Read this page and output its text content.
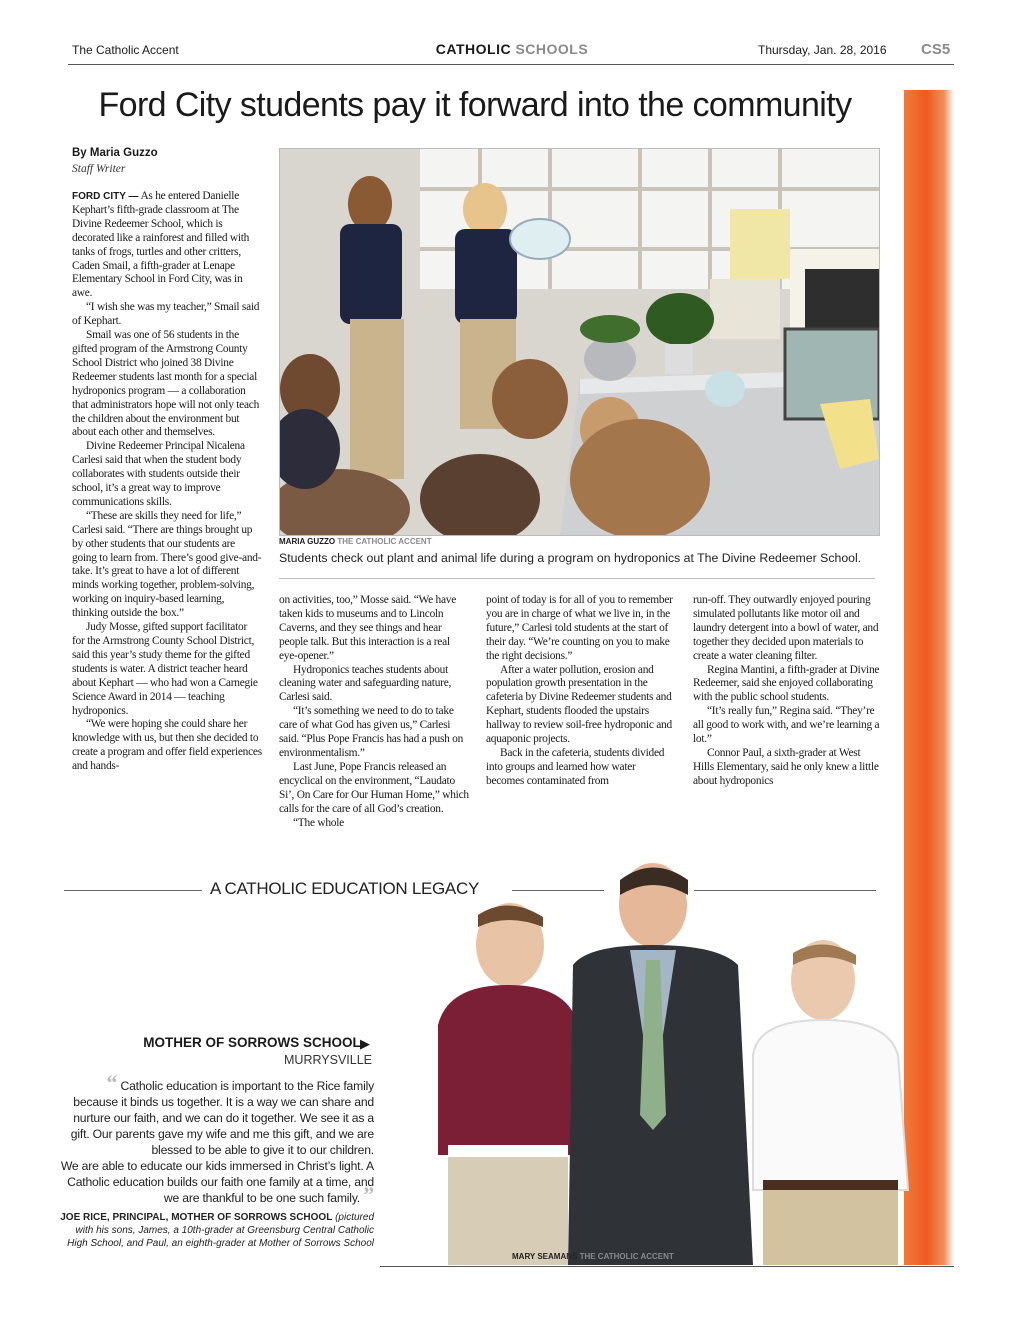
The Catholic Accent	CATHOLIC SCHOOLS	Thursday, Jan. 28, 2016 CS5
Ford City students pay it forward into the community
By Maria Guzzo
Staff Writer

FORD CITY — As he entered Danielle Kephart’s fifth-grade classroom at The Divine Redeemer School, which is decorated like a rainforest and filled with tanks of frogs, turtles and other critters, Caden Smail, a fifth-grader at Lenape Elementary School in Ford City, was in awe.

“I wish she was my teacher,” Smail said of Kephart.

Smail was one of 56 students in the gifted program of the Armstrong County School District who joined 38 Divine Redeemer students last month for a special hydroponics program — a collaboration that administrators hope will not only teach the children about the environment but about each other and themselves.

Divine Redeemer Principal Nicalena Carlesi said that when the student body collaborates with students outside their school, it’s a great way to improve communications skills.

“These are skills they need for life,” Carlesi said. “There are things brought up by other students that our students are going to learn from. There’s good give-and-take. It’s great to have a lot of different minds working together, problem-solving, working on inquiry-based learning, thinking outside the box.”

Judy Mosse, gifted support facilitator for the Armstrong County School District, said this year’s study theme for the gifted students is water. A district teacher heard about Kephart — who had won a Carnegie Science Award in 2014 — teaching hydroponics.

“We were hoping she could share her knowledge with us, but then she decided to create a program and offer field experiences and hands-

MARIA GUZZO THE CATHOLIC ACCENT
Students check out plant and animal life during a program on hydroponics at The Divine Redeemer School.

on activities, too,” Mosse said. “We have taken kids to museums and to Lincoln Caverns, and they see things and hear people talk. But this interaction is a real eye-opener.”

Hydroponics teaches students about cleaning water and safeguarding nature, Carlesi said.

“It’s something we need to do to take care of what God has given us,” Carlesi said. “Plus Pope Francis has had a push on environmentalism.”

Last June, Pope Francis released an encyclical on the environment, “Laudato Si’, On Care for Our Human Home,” which calls for the care of all God’s creation.

“The whole

point of today is for all of you to remember you are in charge of what we live in, in the future,” Carlesi told students at the start of their day. “We’re counting on you to make the right decisions.”

After a water pollution, erosion and population growth presentation in the cafeteria by Divine Redeemer students and Kephart, students flooded the upstairs hallway to review soil-free hydroponic and aquaponic projects.

Back in the cafeteria, students divided into groups and learned how water becomes contaminated from

run-off. They outwardly enjoyed pouring simulated pollutants like motor oil and laundry detergent into a bowl of water, and together they decided upon materials to create a water cleaning filter.

Regina Mantini, a fifth-grader at Divine Redeemer, said she enjoyed collaborating with the public school students.

“It’s really fun,” Regina said. “They’re all good to work with, and we’re learning a lot.”

Connor Paul, a sixth-grader at West Hills Elementary, said he only knew a little about hydroponics

A CATHOLIC EDUCATION LEGACY
MARY SEAMANS THE CATHOLIC ACCENT
MOTHER OF SORROWS SCHOOL ▶
MURRYSVILLE
“ Catholic education is important to the Rice family because it binds us together. It is a way we can share and nurture our faith, and we can do it together. We see it as a gift. Our parents gave my wife and me this gift, and we are blessed to be able to give it to our children.
We are able to educate our kids immersed in Christ’s light. A Catholic education builds our faith one family at a time, and we are thankful to be one such family. ”
JOE RICE, PRINCIPAL, MOTHER OF SORROWS SCHOOL (pictured with his sons, James, a 10th-grader at Greensburg Central Catholic High School, and Paul, an eighth-grader at Mother of Sorrows School
